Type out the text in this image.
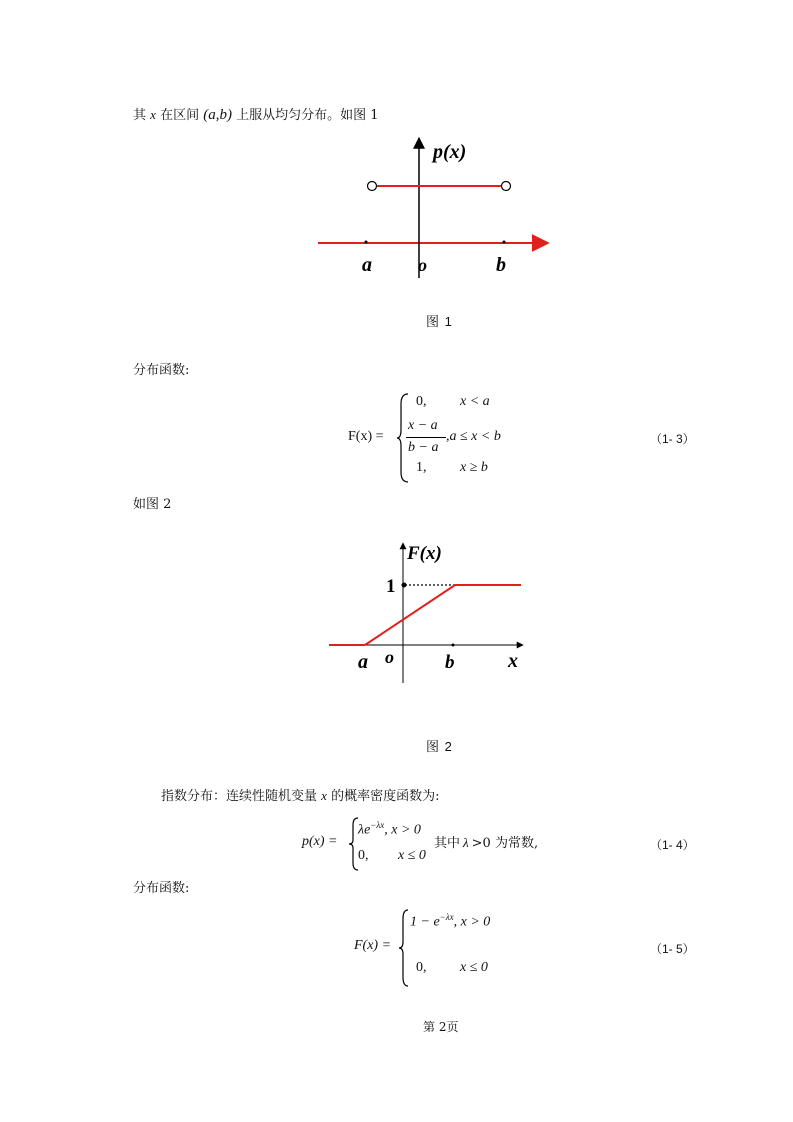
其 x 在区间 (a,b) 上服从均匀分布。如图 1
p(x)
a	o	b
图 1
分布函数:
F(x) =
0, x < a
x − a
b − a
,a ≤ x < b
1, x ≥ b
（1- 3）
如图 2
F(x)
1
a o	b	x
图 2
指数分布：连续性随机变量 x 的概率密度函数为:
p(x) =
$\lambda e^{-\lambda x}$, x > 0
0, x ≤ 0
其中 λ >0 为常数,	（1- 4）
分布函数:
F(x) =
$1 - e^{-\lambda x}$, x > 0
0, x ≤ 0
（1- 5）
第 2页
